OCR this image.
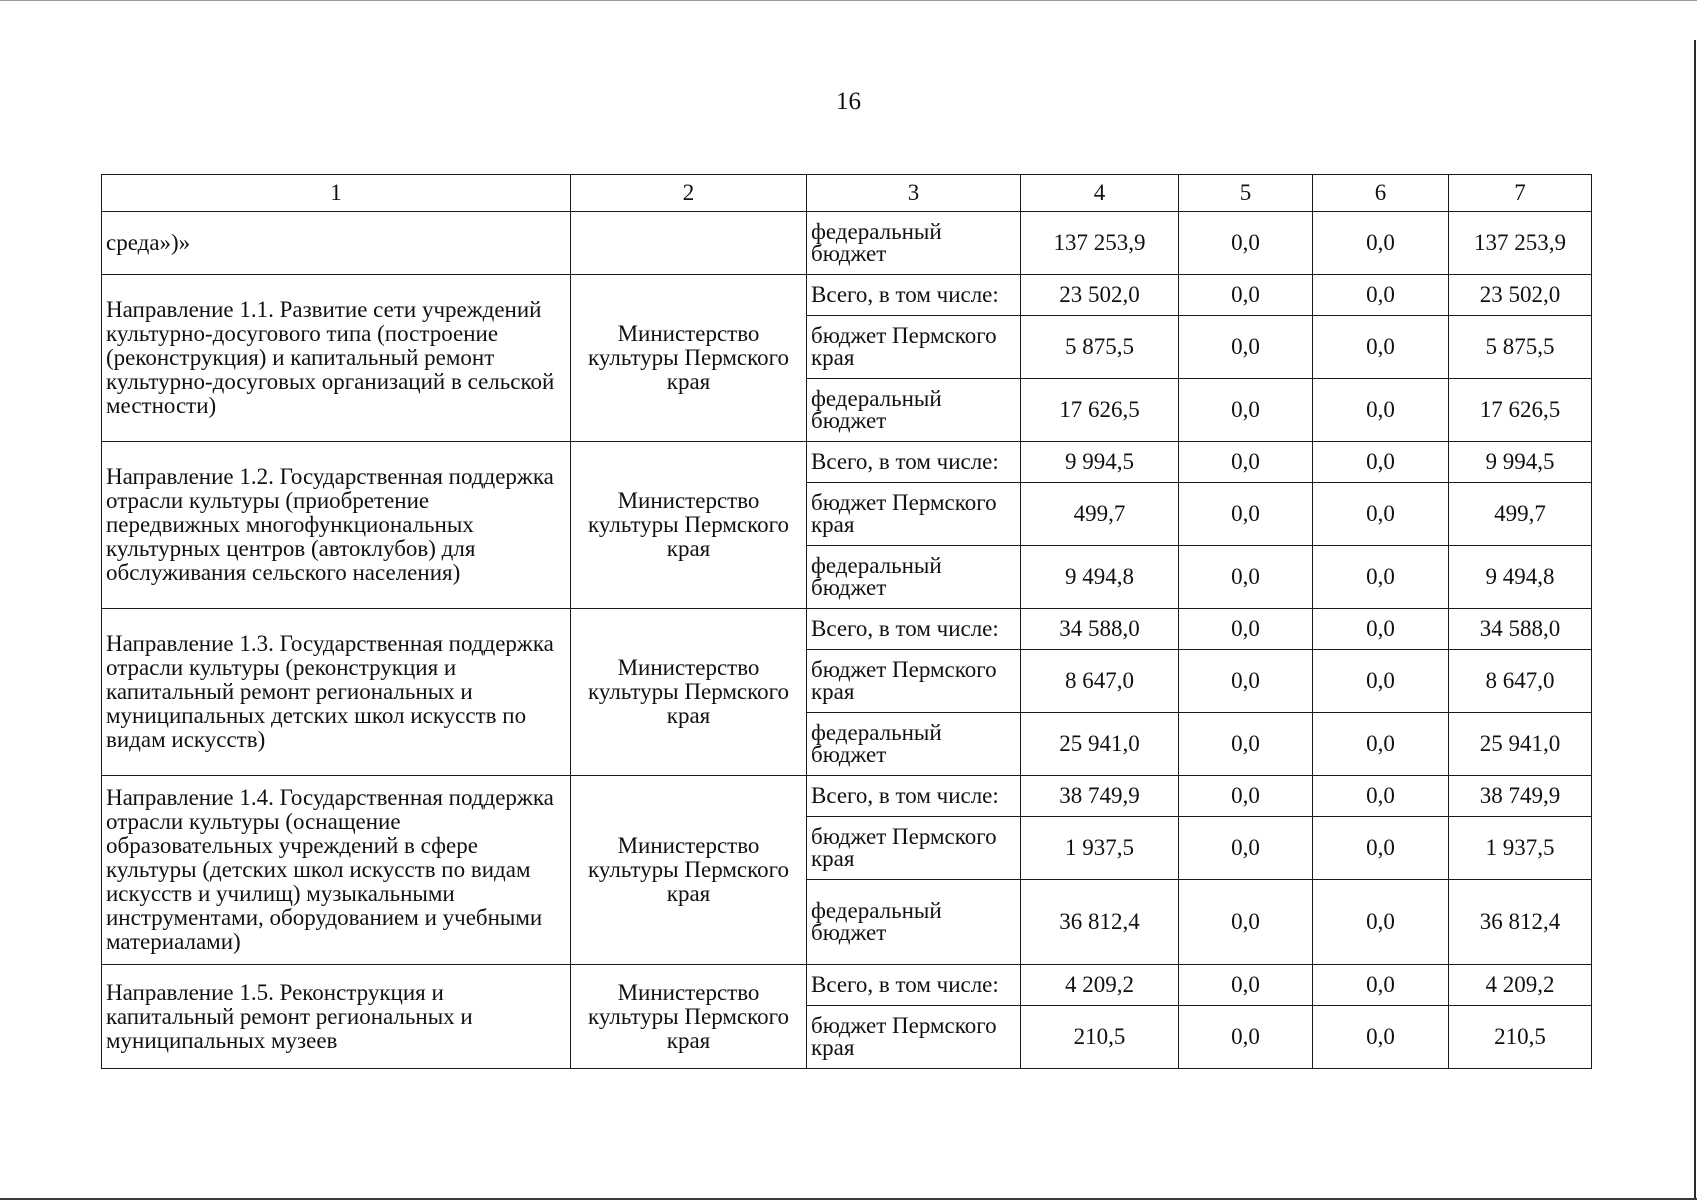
16
1	2	3	4	5	6	7
среда»)»		федеральный бюджет	137 253,9	0,0	0,0	137 253,9
Направление 1.1. Развитие сети учреждений культурно-досугового типа (построение (реконструкция) и капитальный ремонт культурно-досуговых организаций в сельской местности)	Министерство культуры Пермского края	Всего, в том числе:	23 502,0	0,0	0,0	23 502,0
		бюджет Пермского края	5 875,5	0,0	0,0	5 875,5
		федеральный бюджет	17 626,5	0,0	0,0	17 626,5
Направление 1.2. Государственная поддержка отрасли культуры (приобретение передвижных многофункциональных культурных центров (автоклубов) для обслуживания сельского населения)	Министерство культуры Пермского края	Всего, в том числе:	9 994,5	0,0	0,0	9 994,5
		бюджет Пермского края	499,7	0,0	0,0	499,7
		федеральный бюджет	9 494,8	0,0	0,0	9 494,8
Направление 1.3. Государственная поддержка отрасли культуры (реконструкция и капитальный ремонт региональных и муниципальных детских школ искусств по видам искусств)	Министерство культуры Пермского края	Всего, в том числе:	34 588,0	0,0	0,0	34 588,0
		бюджет Пермского края	8 647,0	0,0	0,0	8 647,0
		федеральный бюджет	25 941,0	0,0	0,0	25 941,0
Направление 1.4. Государственная поддержка отрасли культуры (оснащение образовательных учреждений в сфере культуры (детских школ искусств по видам искусств и училищ) музыкальными инструментами, оборудованием и учебными материалами)	Министерство культуры Пермского края	Всего, в том числе:	38 749,9	0,0	0,0	38 749,9
		бюджет Пермского края	1 937,5	0,0	0,0	1 937,5
		федеральный бюджет	36 812,4	0,0	0,0	36 812,4
Направление 1.5. Реконструкция и капитальный ремонт региональных и муниципальных музеев	Министерство культуры Пермского края	Всего, в том числе:	4 209,2	0,0	0,0	4 209,2
		бюджет Пермского края	210,5	0,0	0,0	210,5
